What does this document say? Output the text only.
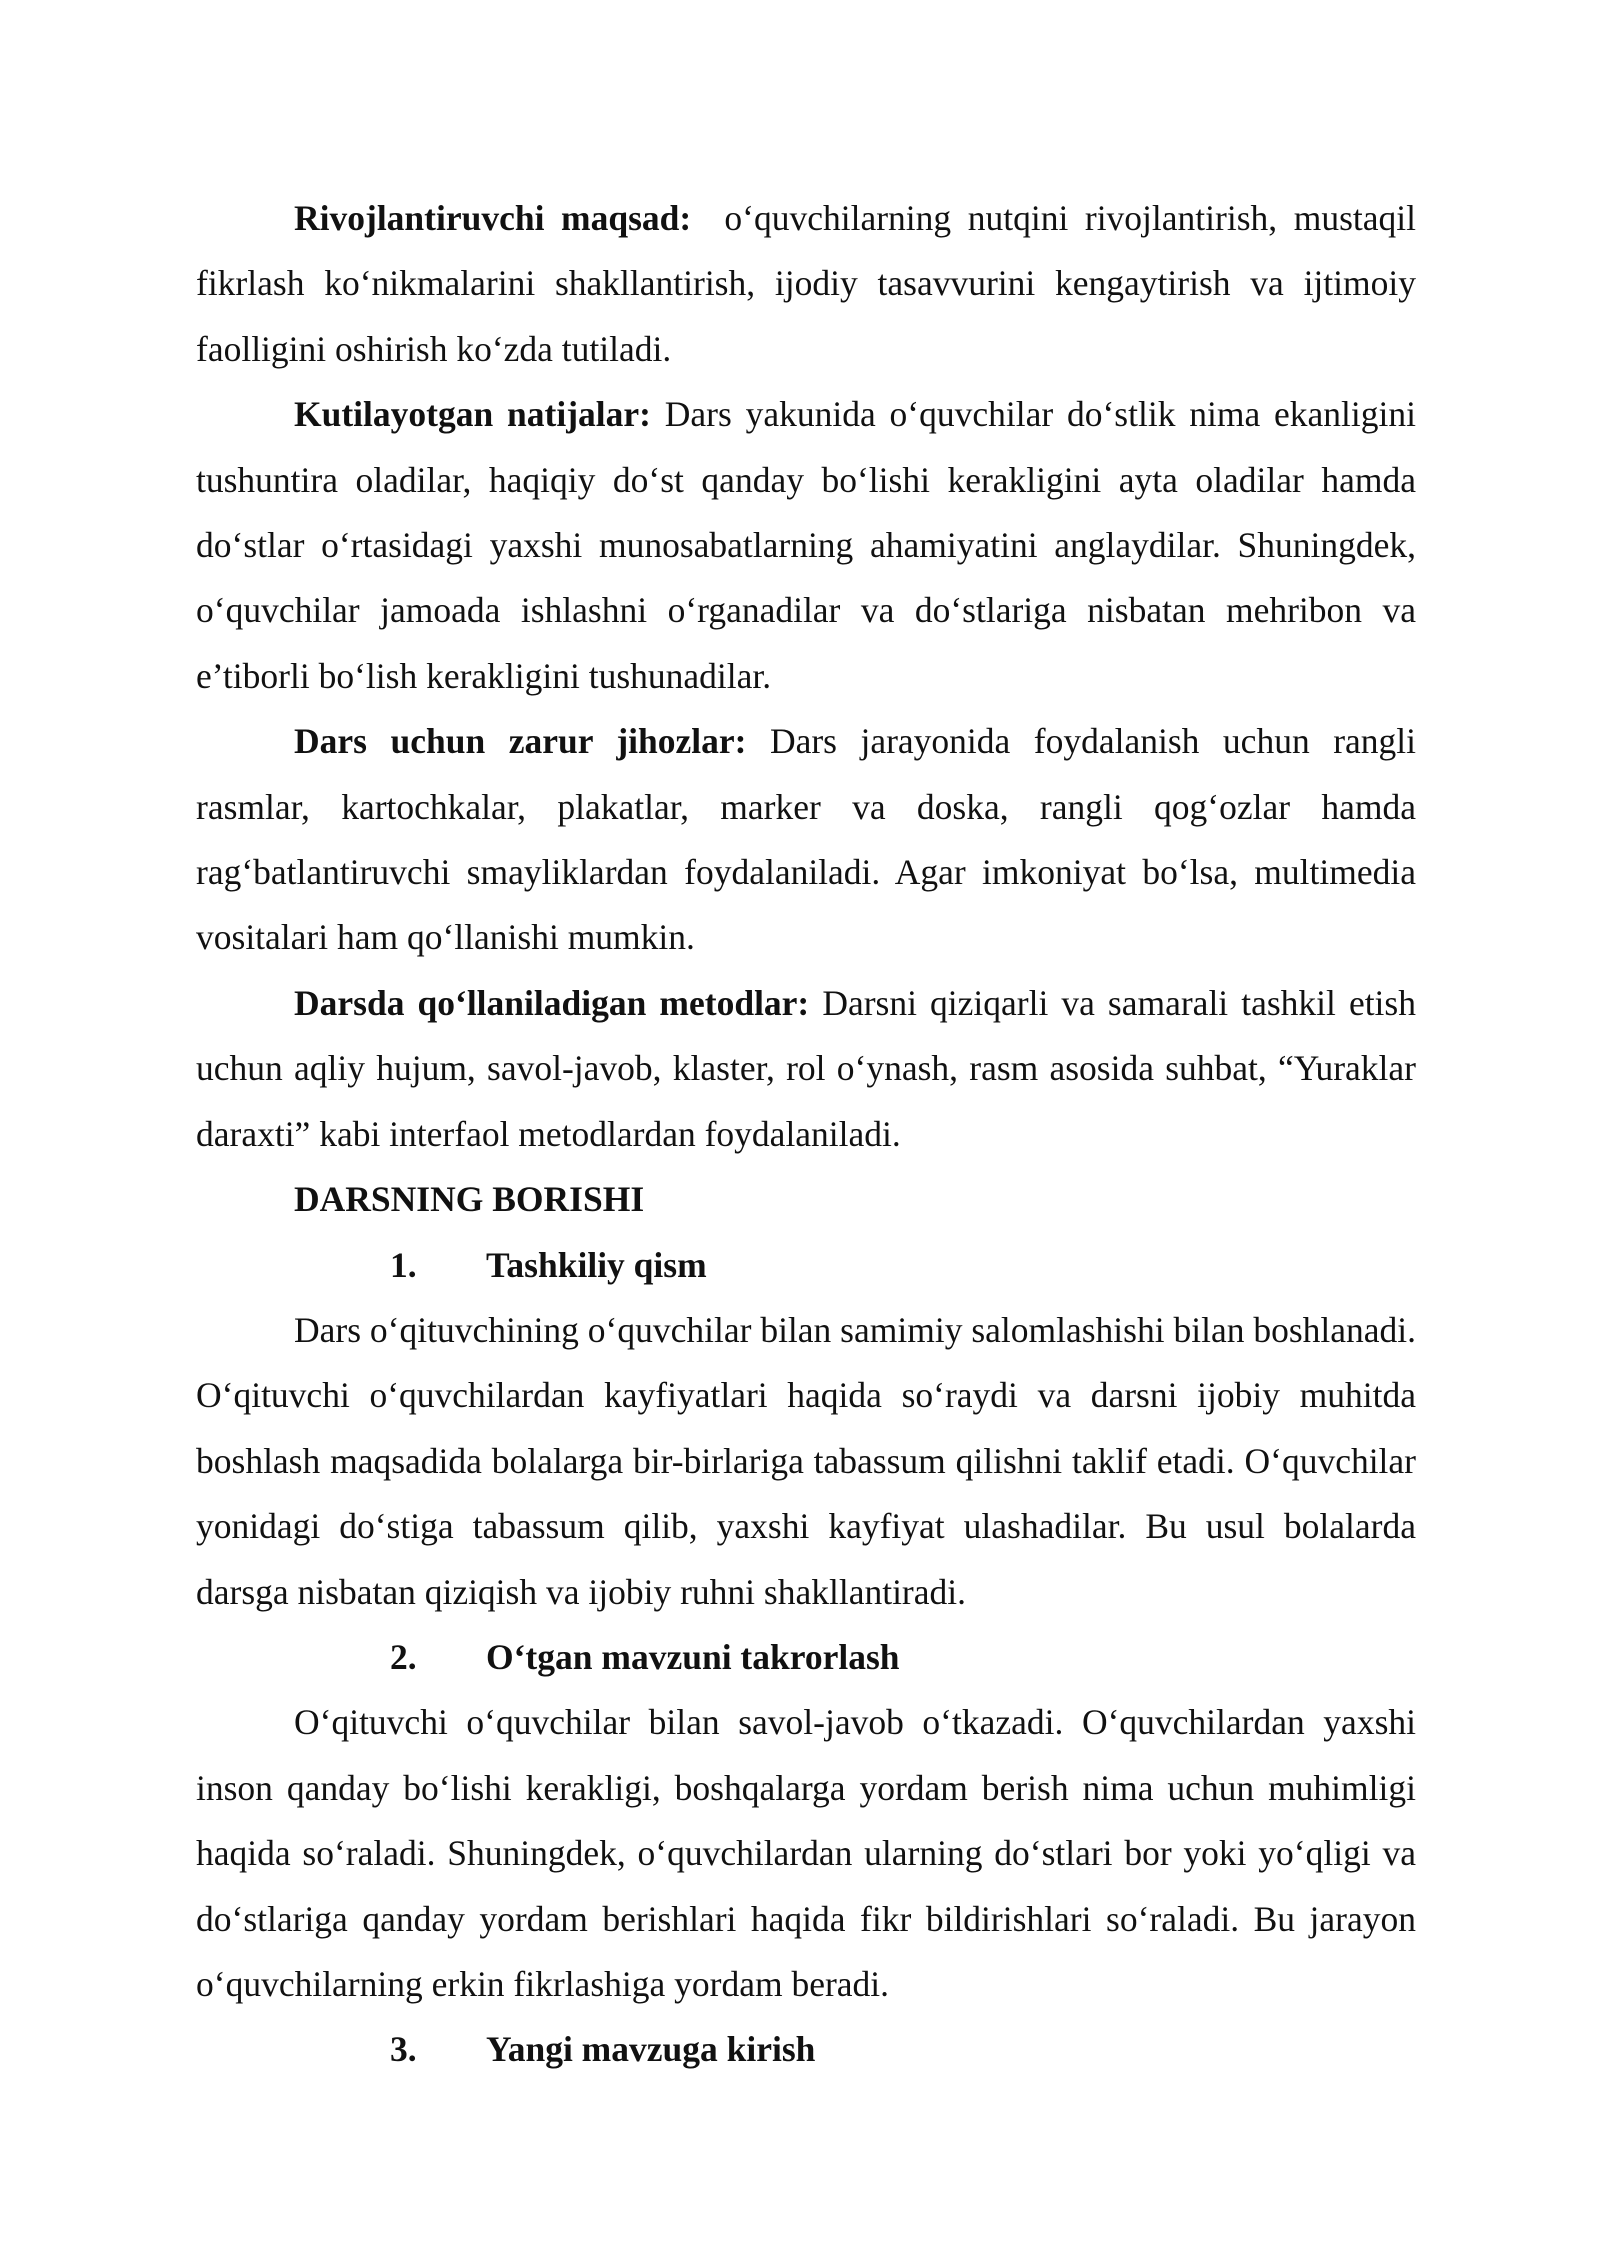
Rivojlantiruvchi maqsad:  o‘quvchilarning nutqini rivojlantirish, mustaqil fikrlash ko‘nikmalarini shakllantirish, ijodiy tasavvurini kengaytirish va ijtimoiy faolligini oshirish ko‘zda tutiladi.

Kutilayotgan natijalar: Dars yakunida o‘quvchilar do‘stlik nima ekanligini tushuntira oladilar, haqiqiy do‘st qanday bo‘lishi kerakligini ayta oladilar hamda do‘stlar o‘rtasidagi yaxshi munosabatlarning ahamiyatini anglaydilar. Shuningdek, o‘quvchilar jamoada ishlashni o‘rganadilar va do‘stlariga nisbatan mehribon va e’tiborli bo‘lish kerakligini tushunadilar.

Dars uchun zarur jihozlar: Dars jarayonida foydalanish uchun rangli rasmlar, kartochkalar, plakatlar, marker va doska, rangli qog‘ozlar hamda rag‘batlantiruvchi smayliklardan foydalaniladi. Agar imkoniyat bo‘lsa, multimedia vositalari ham qo‘llanishi mumkin.

Darsda qo‘llaniladigan metodlar: Darsni qiziqarli va samarali tashkil etish uchun aqliy hujum, savol-javob, klaster, rol o‘ynash, rasm asosida suhbat, “Yuraklar daraxti” kabi interfaol metodlardan foydalaniladi.

DARSNING BORISHI

1.	Tashkiliy qism

Dars o‘qituvchining o‘quvchilar bilan samimiy salomlashishi bilan boshlanadi. O‘qituvchi o‘quvchilardan kayfiyatlari haqida so‘raydi va darsni ijobiy muhitda boshlash maqsadida bolalarga bir-birlariga tabassum qilishni taklif etadi. O‘quvchilar yonidagi do‘stiga tabassum qilib, yaxshi kayfiyat ulashadilar. Bu usul bolalarda darsga nisbatan qiziqish va ijobiy ruhni shakllantiradi.

2.	O‘tgan mavzuni takrorlash

O‘qituvchi o‘quvchilar bilan savol-javob o‘tkazadi. O‘quvchilardan yaxshi inson qanday bo‘lishi kerakligi, boshqalarga yordam berish nima uchun muhimligi haqida so‘raladi. Shuningdek, o‘quvchilardan ularning do‘stlari bor yoki yo‘qligi va do‘stlariga qanday yordam berishlari haqida fikr bildirishlari so‘raladi. Bu jarayon o‘quvchilarning erkin fikrlashiga yordam beradi.

3.	Yangi mavzuga kirish
